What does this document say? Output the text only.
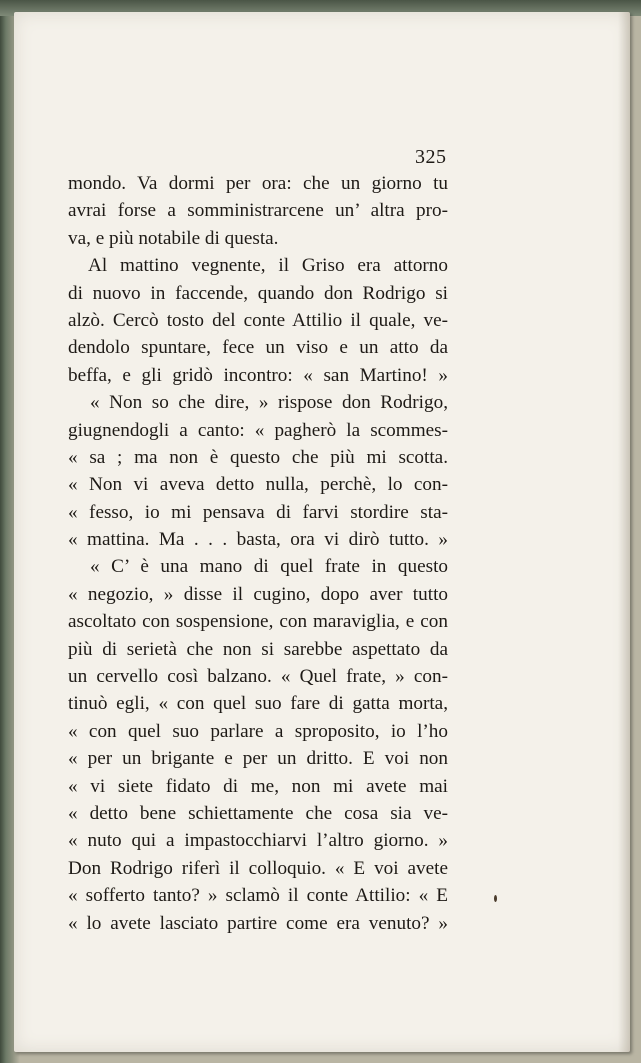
325
mondo. Va dormi per ora: che un giorno tu
avrai forse a somministrarcene un’ altra pro-
va, e più notabile di questa.
Al mattino vegnente, il Griso era attorno
di nuovo in faccende, quando don Rodrigo si
alzò. Cercò tosto del conte Attilio il quale, ve-
dendolo spuntare, fece un viso e un atto da
beffa, e gli gridò incontro: « san Martino! »
« Non so che dire, » rispose don Rodrigo,
giugnendogli a canto: « pagherò la scommes-
« sa ; ma non è questo che più mi scotta.
« Non vi aveva detto nulla, perchè, lo con-
« fesso, io mi pensava di farvi stordire sta-
« mattina. Ma . . . basta, ora vi dirò tutto. »
« C’ è una mano di quel frate in questo
« negozio, » disse il cugino, dopo aver tutto
ascoltato con sospensione, con maraviglia, e con
più di serietà che non si sarebbe aspettato da
un cervello così balzano. « Quel frate, » con-
tinuò egli, « con quel suo fare di gatta morta,
« con quel suo parlare a sproposito, io l’ho
« per un brigante e per un dritto. E voi non
« vi siete fidato di me, non mi avete mai
« detto bene schiettamente che cosa sia ve-
« nuto qui a impastocchiarvi l’altro giorno. »
Don Rodrigo riferì il colloquio. « E voi avete
« sofferto tanto? » sclamò il conte Attilio: « E
« lo avete lasciato partire come era venuto? »
